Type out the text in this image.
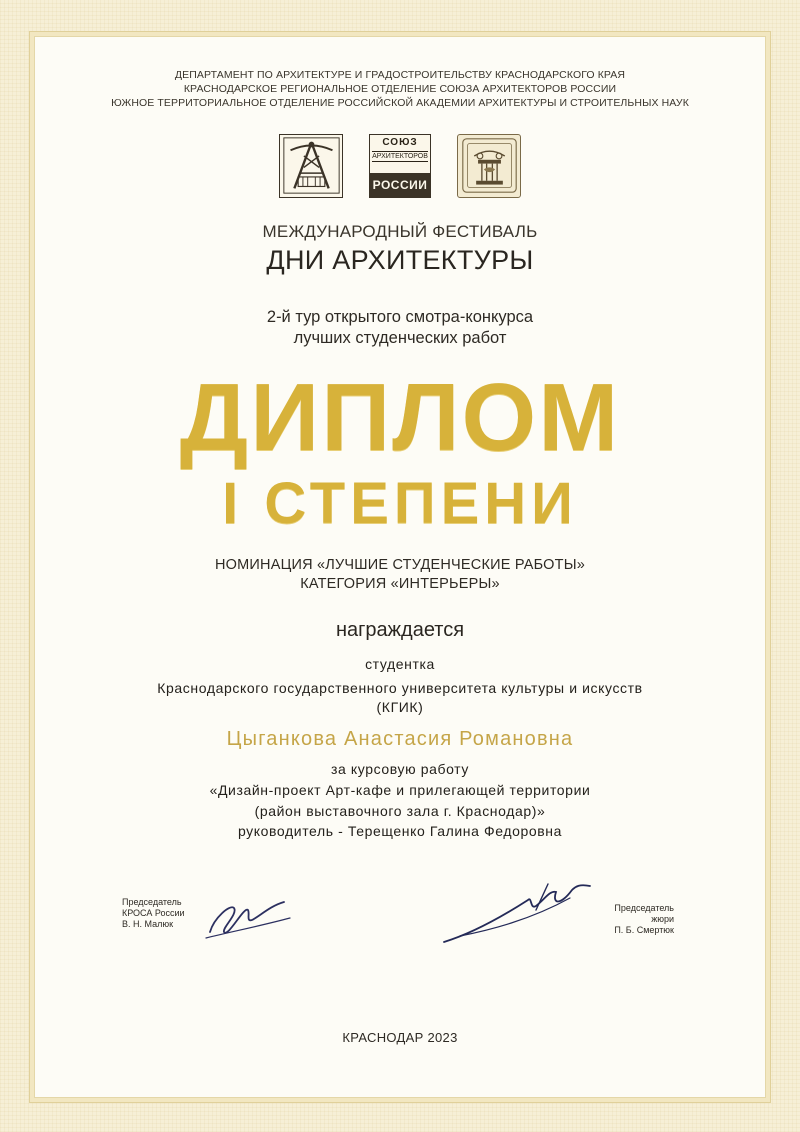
ДЕПАРТАМЕНТ ПО АРХИТЕКТУРЕ И ГРАДОСТРОИТЕЛЬСТВУ КРАСНОДАРСКОГО КРАЯ
КРАСНОДАРСКОЕ РЕГИОНАЛЬНОЕ ОТДЕЛЕНИЕ СОЮЗА АРХИТЕКТОРОВ РОССИИ
ЮЖНОЕ ТЕРРИТОРИАЛЬНОЕ ОТДЕЛЕНИЕ РОССИЙСКОЙ АКАДЕМИИ АРХИТЕКТУРЫ И СТРОИТЕЛЬНЫХ НАУК
СОЮЗ
АРХИТЕКТОРОВ
РОССИИ
МЕЖДУНАРОДНЫЙ ФЕСТИВАЛЬ
ДНИ АРХИТЕКТУРЫ
2-й тур открытого смотра-конкурса
лучших студенческих работ
ДИПЛОМ
I СТЕПЕНИ
НОМИНАЦИЯ «ЛУЧШИЕ СТУДЕНЧЕСКИЕ РАБОТЫ»
КАТЕГОРИЯ «ИНТЕРЬЕРЫ»
награждается
студентка
Краснодарского государственного университета культуры и искусств
(КГИК)
Цыганкова Анастасия Романовна
за курсовую работу
«Дизайн-проект Арт-кафе и прилегающей территории
(район выставочного зала г. Краснодар)»
руководитель - Терещенко Галина Федоровна
Председатель
КРОСА России
В. Н. Малюк
Председатель
жюри
П. Б. Смертюк
КРАСНОДАР 2023
